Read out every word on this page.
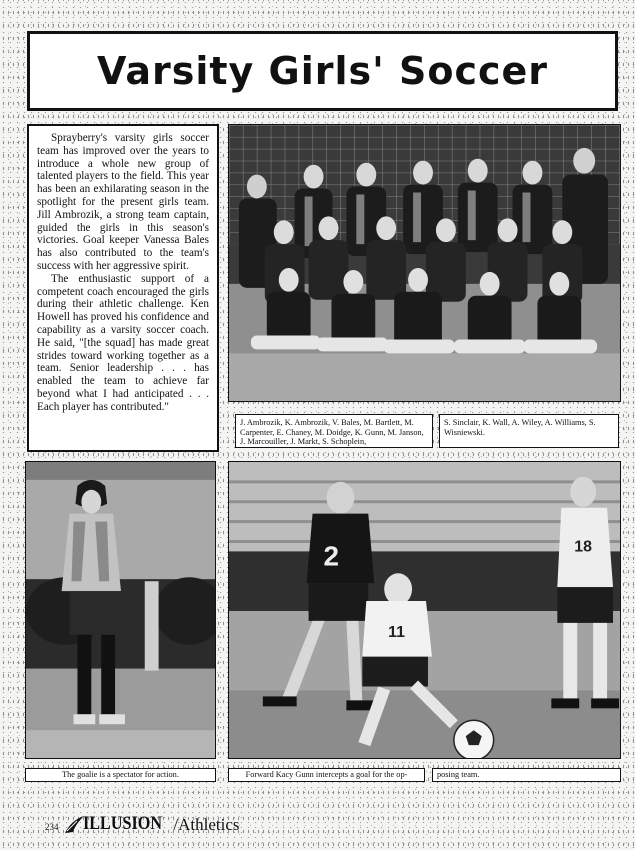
Varsity Girls' Soccer

Sprayberry's varsity girls soccer team has improved over the years to introduce a whole new group of talented players to the field. This year has been an exhilarating season in the spotlight for the present girls team. Jill Ambrozik, a strong team captain, guided the girls in this season's victories. Goal keeper Vanessa Bales has also contributed to the team's success with her aggressive spirit.

The enthusiastic support of a competent coach encouraged the girls during their athletic challenge. Ken Howell has proved his confidence and capability as a varsity soccer coach. He said, "[the squad] has made great strides toward working together as a team. Senior leadership . . . has enabled the team to achieve far beyond what I had anticipated . . . Each player has contributed."

J. Ambrozik, K. Ambrozik, V. Bales, M. Bartlett, M. Carpenter, E. Chaney, M. Doidge, K. Gunn, M. Janson, J. Marcouiller, J. Markt, S. Schoplein,
S. Sinclair, K. Wall, A. Wiley, A. Williams, S. Wisniewski.
The goalie is a spectator for action.
2
11
18
Forward Kacy Gunn intercepts a goal for the op-	posing team.
234 ILLUSION /Athletics
